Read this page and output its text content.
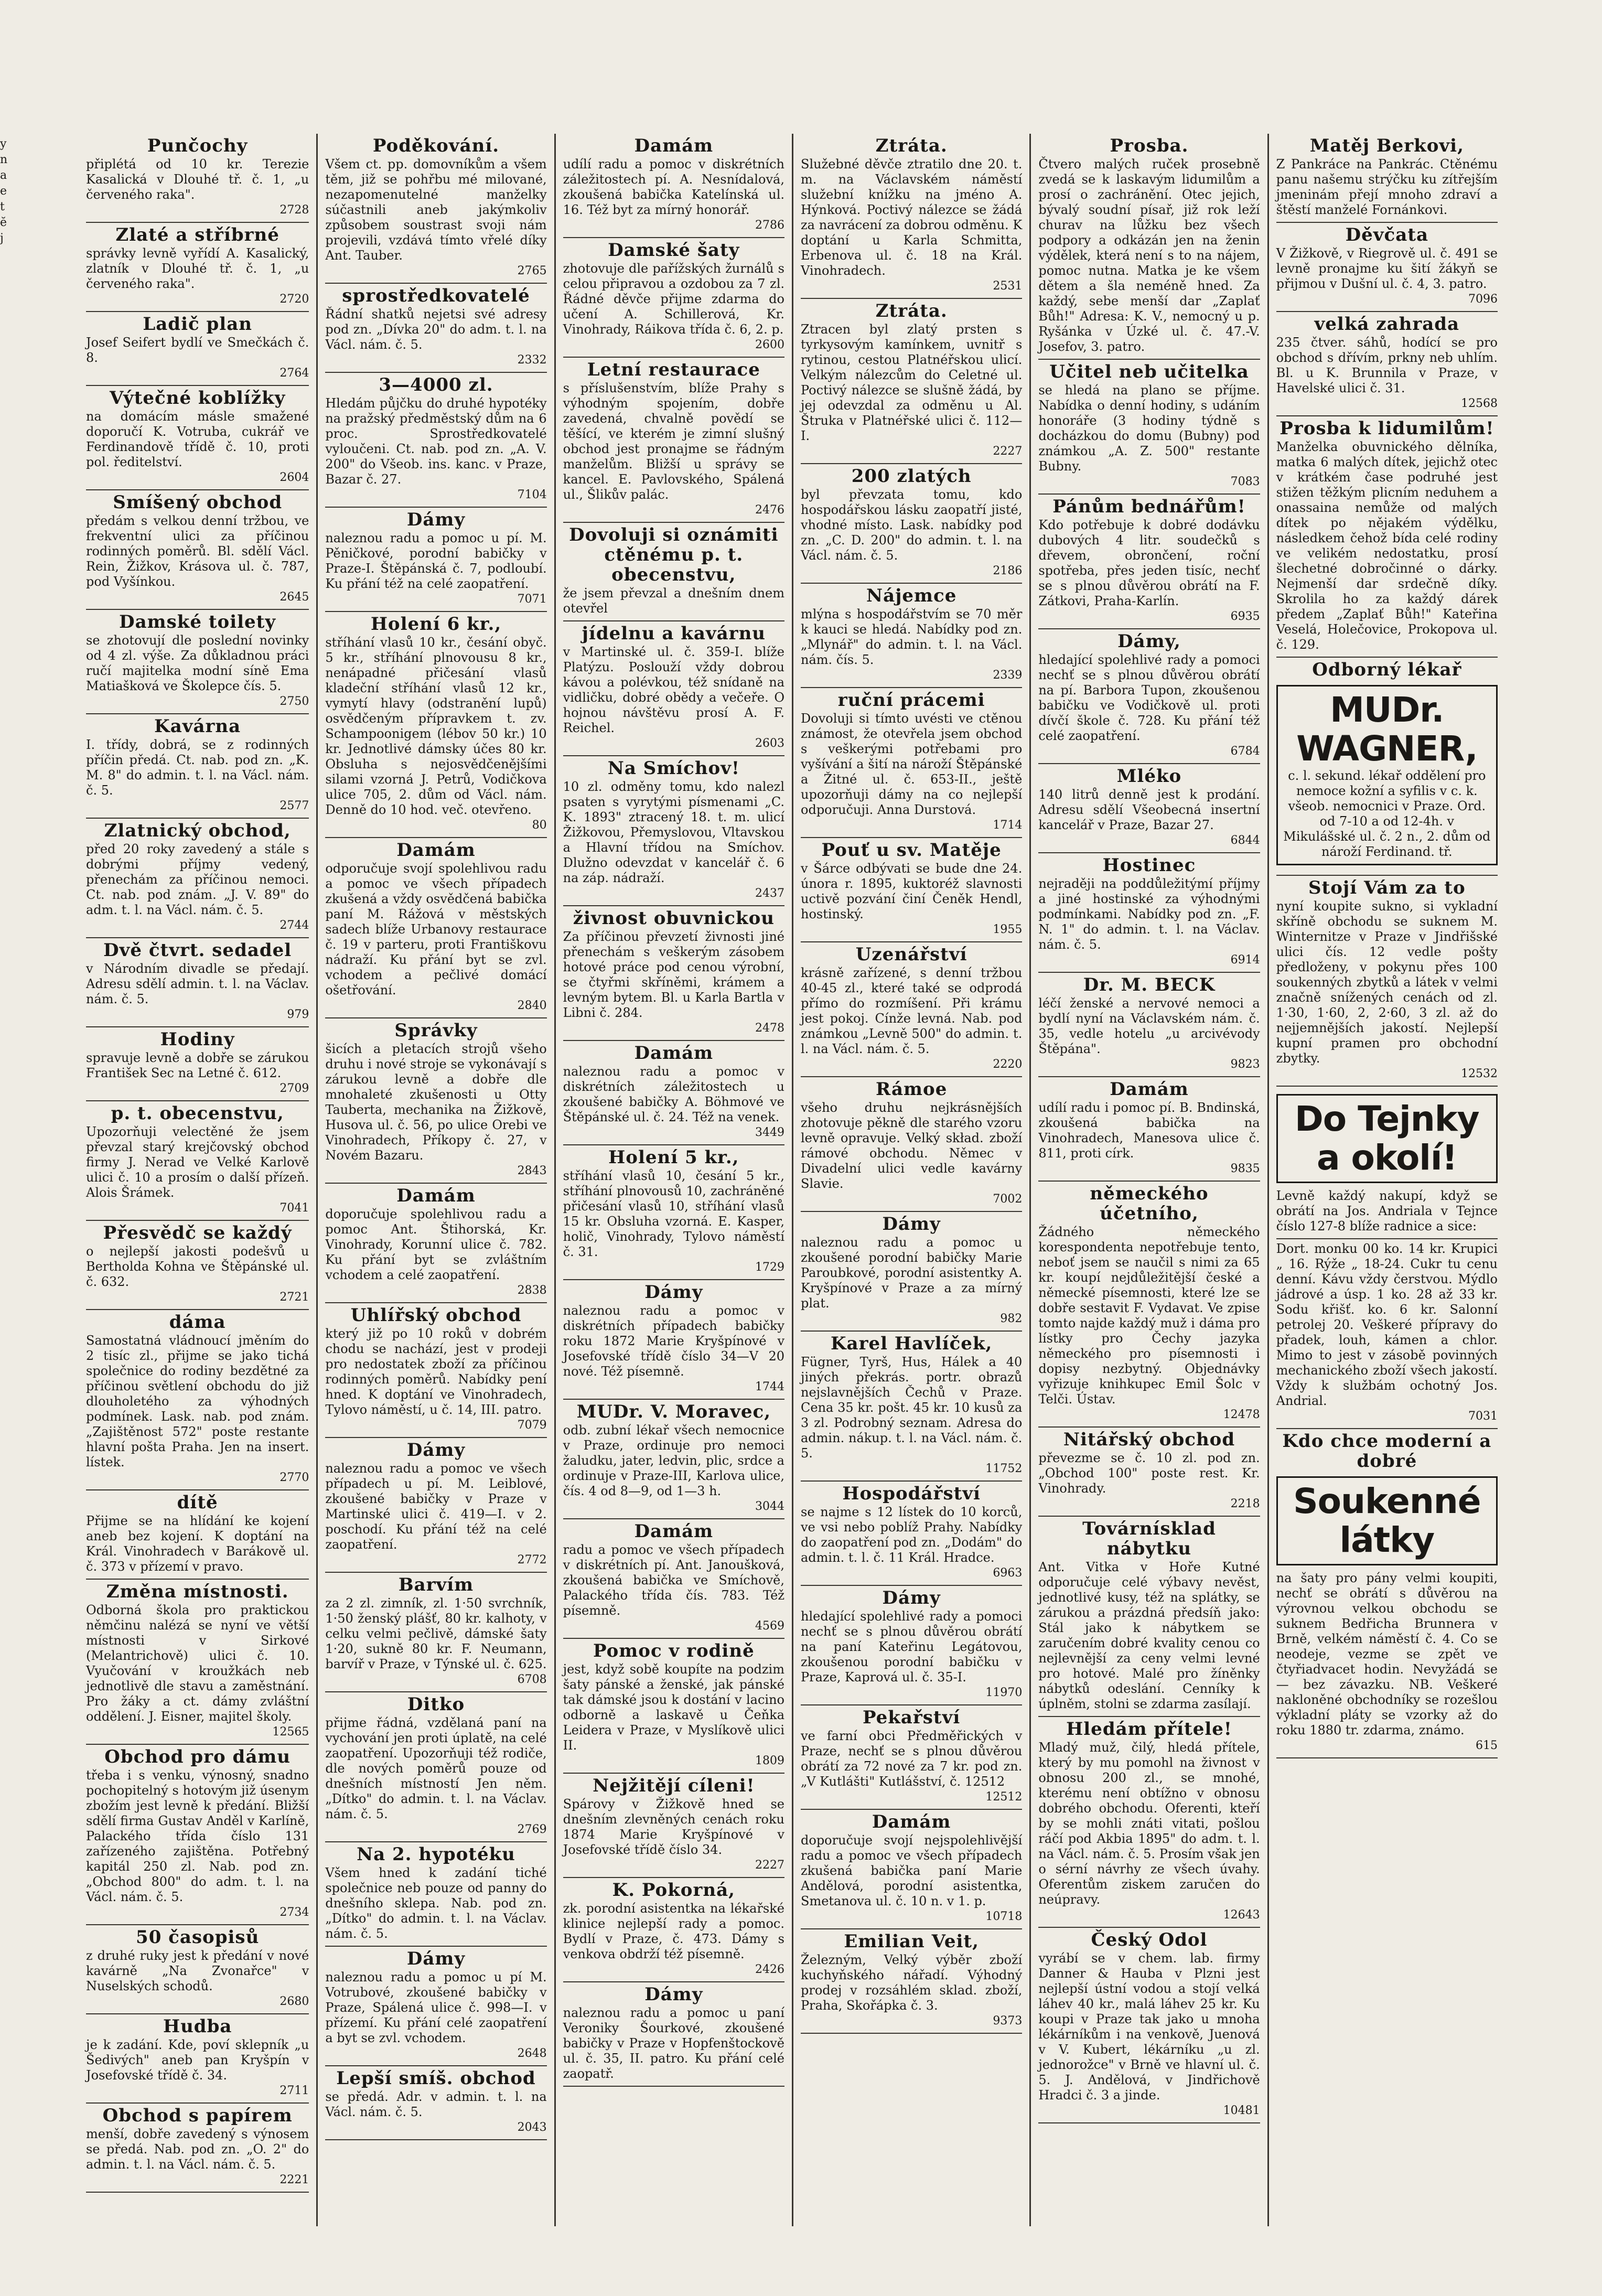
y
n
a
e
t
ĕ
j
Punčochy

připlétá od 10 kr. Terezie Kasalická v Dlouhé tř. č. 1, „u červeného raka".

2728
Zlaté a stříbrné

správky levně vyřídí A. Kasalický, zlatník v Dlouhé tř. č. 1, „u červeného raka".

2720
Ladič plan

Josef Seifert bydlí ve Smečkách č. 8.

2764
Výtečné koblížky

na domácím másle smažené doporučí K. Votruba, cukrář ve Ferdinandově třídě č. 10, proti pol. ředitelství.

2604
Smíšený obchod

předám s velkou denní tržbou, ve frekventní ulici za příčinou rodinných poměrů. Bl. sdělí Václ. Rein, Žižkov, Krásova ul. č. 787, pod Vyšínkou.

2645
Damské toilety

se zhotovují dle poslední novinky od 4 zl. výše. Za důkladnou práci ručí majitelka modní síně Ema Matiašková ve Školepce čís. 5.

2750
Kavárna

I. třídy, dobrá, se z rodinných příčin předá. Ct. nab. pod zn. „K. M. 8" do admin. t. l. na Václ. nám. č. 5.

2577
Zlatnický obchod,

před 20 roky zavedený a stále s dobrými příjmy vedený, přenechám za příčinou nemoci. Ct. nab. pod znám. „J. V. 89" do adm. t. l. na Václ. nám. č. 5.

2744
Dvě čtvrt. sedadel

v Národním divadle se předají. Adresu sdělí admin. t. l. na Václav. nám. č. 5.

979
Hodiny

spravuje levně a dobře se zárukou František Sec na Letné č. 612.

2709
p. t. obecenstvu,

Upozorňuji velectěné že jsem převzal starý krejčovský obchod firmy J. Nerad ve Velké Karlově ulici č. 10 a prosím o další přízeň. Alois Šrámek.

7041
Přesvědč se každý

o nejlepší jakosti podešvů u Bertholda Kohna ve Štěpánské ul. č. 632.

2721
dáma

Samostatná vládnoucí jměním do 2 tisíc zl., přijme se jako tichá společnice do rodiny bezdětné za příčinou světlení obchodu do již dlouholetého za výhodných podmínek. Lask. nab. pod znám. „Zajištěnost 572" poste restante hlavní pošta Praha. Jen na insert. lístek.

2770
dítě

Přijme se na hlídání ke kojení aneb bez kojení. K doptání na Král. Vinohradech v Barákově ul. č. 373 v přízemí v pravo.

Změna místnosti.

Odborná škola pro praktickou němčinu nalézá se nyní ve větší místnosti v Sirkové (Melantrichově) ulici č. 10. Vyučování v kroužkách neb jednotlivě dle stavu a zaměstnání. Pro žáky a ct. dámy zvláštní oddělení. J. Eisner, majitel školy.

12565
Obchod pro dámu

třeba i s venku, výnosný, snadno pochopitelný s hotovým již úsenym zbožím jest levně k předání. Bližší sdělí firma Gustav Anděl v Karlíně, Palackého třída číslo 131 zařízeného zajištěna. Potřebný kapitál 250 zl. Nab. pod zn. „Obchod 800" do adm. t. l. na Václ. nám. č. 5.

2734
50 časopisů

z druhé ruky jest k předání v nové kavárně „Na Zvonařce" v Nuselských schodů.

2680
Hudba

je k zadání. Kde, poví sklepník „u Šedivých" aneb pan Kryšpín v Josefovské třídě č. 34.

2711
Obchod s papírem

menší, dobře zavedený s výnosem se předá. Nab. pod zn. „O. 2" do admin. t. l. na Václ. nám. č. 5.

2221
Poděkování.

Všem ct. pp. domovníkům a všem těm, již se pohřbu mé milované, nezapomenutelné manželky súčastnili aneb jakýmkoliv způsobem soustrast svoji nám projevili, vzdává tímto vřelé díky Ant. Tauber.

2765
sprostředkovatelé

Řádní shatků nejetsi své adresy pod zn. „Dívka 20" do adm. t. l. na Václ. nám. č. 5.

2332
3—4000 zl.

Hledám půjčku do druhé hypotéky na pražský předměstský dům na 6 proc. Sprostředkovatelé vyloučeni. Ct. nab. pod zn. „A. V. 200" do Všeob. ins. kanc. v Praze, Bazar č. 27.

7104
Dámy

naleznou radu a pomoc u pí. M. Pěničkové, porodní babičky v Praze-I. Štěpánská č. 7, podloubí. Ku přání též na celé zaopatření.

7071
Holení 6 kr.,

stříhání vlasů 10 kr., česání obyč. 5 kr., stříhání plnovousu 8 kr., nenápadné přičesání vlasů kladeční stříhání vlasů 12 kr., vymytí hlavy (odstranění lupů) osvědčeným přípravkem t. zv. Schampoonigem (lébov 50 kr.) 10 kr. Jednotlivé dámsky účes 80 kr. Obsluha s nejosvědčenějšími silami vzorná J. Petrů, Vodičkova ulice 705, 2. dům od Václ. nám. Denně do 10 hod. več. otevřeno.

80
Damám

odporučuje svojí spolehlivou radu a pomoc ve všech případech zkušená a vždy osvědčená babička paní M. Rážová v městských sadech blíže Urbanovy restaurace č. 19 v parteru, proti Františkovu nádraží. Ku přání byt se zvl. vchodem a pečlivé domácí ošetřování.

2840
Správky

šicích a pletacích strojů všeho druhu i nové stroje se vykonávají s zárukou levně a dobře dle mnohaleté zkušenosti u Otty Tauberta, mechanika na Žižkově, Husova ul. č. 56, po ulice Orebi ve Vinohradech, Příkopy č. 27, v Novém Bazaru.

2843
Damám

doporučuje spolehlivou radu a pomoc Ant. Štihorská, Kr. Vinohrady, Korunní ulice č. 782. Ku přání byt se zvláštním vchodem a celé zaopatření.

2838
Uhlířský obchod

který již po 10 roků v dobrém chodu se nachází, jest v prodeji pro nedostatek zboží za příčinou rodinných poměrů. Nabídky pení hned. K doptání ve Vinohradech, Tylovo náměstí, u č. 14, III. patro.

7079
Dámy

naleznou radu a pomoc ve všech případech u pí. M. Leiblové, zkoušené babičky v Praze v Martinské ulici č. 419—I. v 2. poschodí. Ku přání též na celé zaopatření.

2772
Barvím

za 2 zl. zimník, zl. 1·50 svrchník, 1·50 ženský plášť, 80 kr. kalhoty, v celku velmi pečlivě, dámské šaty 1·20, sukně 80 kr. F. Neumann, barvíř v Praze, v Týnské ul. č. 625.

6708
Ditko

přijme řádná, vzdělaná paní na vychování jen proti úplatě, na celé zaopatření. Upozorňuji též rodiče, dle nových poměrů pouze od dnešních místností Jen něm. „Dítko" do admin. t. l. na Václav. nám. č. 5.

2769
Na 2. hypotéku

Všem hned k zadání tiché společnice neb pouze od panny do dnešního sklepa. Nab. pod zn. „Dítko" do admin. t. l. na Václav. nám. č. 5.

Dámy

naleznou radu a pomoc u pí M. Votrubové, zkoušené babičky v Praze, Spálená ulice č. 998—I. v přízemí. Ku přání celé zaopatření a byt se zvl. vchodem.

2648
Lepší smíš. obchod

se předá. Adr. v admin. t. l. na Václ. nám. č. 5.

2043
Damám

udílí radu a pomoc v diskrétních záležitostech pí. A. Nesnídalová, zkoušená babička Katelínská ul. 16. Též byt za mírný honorář.

2786
Damské šaty

zhotovuje dle pařížských žurnálů s celou připravou a ozdobou za 7 zl. Řádné děvče přijme zdarma do učení A. Schillerová, Kr. Vinohrady, Ráikova třída č. 6, 2. p.

2600
Letní restaurace

s příslušenstvím, blíže Prahy s výhodným spojením, dobře zavedená, chvalně povědí se těšící, ve kterém je zimní slušný obchod jest pronajme se řádným manželům. Bližší u správy se kancel. E. Pavlovského, Spálená ul., Šlikův palác.

2476
Dovoluji si oznámiti ctěnému p. t. obecenstvu,

že jsem převzal a dnešním dnem otevřel

jídelnu a kavárnu

v Martinské ul. č. 359-I. blíže Platýzu. Poslouží vždy dobrou kávou a polévkou, též snídaně na vidličku, dobré obědy a večeře. O hojnou návštěvu prosí A. F. Reichel.

2603
Na Smíchov!

10 zl. odměny tomu, kdo nalezl psaten s vyrytými písmenami „C. K. 1893" ztracený 18. t. m. ulicí Žižkovou, Přemyslovou, Vltavskou a Hlavní třídou na Smíchov. Dlužno odevzdat v kancelář č. 6 na záp. nádraží.

2437
živnost obuvnickou

Za příčinou převzetí živnosti jiné přenechám s veškerým zásobem hotové práce pod cenou výrobní, se čtyřmi skříněmi, krámem a levným bytem. Bl. u Karla Bartla v Libni č. 284.

2478
Damám

naleznou radu a pomoc v diskrétních záležitostech u zkoušené babičky A. Böhmové ve Štěpánské ul. č. 24. Též na venek.

3449
Holení 5 kr.,

stříhání vlasů 10, česání 5 kr., stříhání plnovousů 10, zachráněné přičesání vlasů 10, stříhání vlasů 15 kr. Obsluha vzorná. E. Kasper, holič, Vinohrady, Tylovo náměstí č. 31.

1729
Dámy

naleznou radu a pomoc v diskrétních případech babičky roku 1872 Marie Kryšpínové v Josefovské třídě číslo 34—V 20 nové. Též písemně.

1744
MUDr. V. Moravec,

odb. zubní lékař všech nemocnice v Praze, ordinuje pro nemoci žaludku, jater, ledvin, plic, srdce a ordinuje v Praze-III, Karlova ulice, čís. 4 od 8—9, od 1—3 h.

3044
Damám

radu a pomoc ve všech případech v diskrétních pí. Ant. Janoušková, zkoušená babička ve Smíchově, Palackého třída čís. 783. Též písemně.

4569
Pomoc v rodině

jest, když sobě koupíte na podzim šaty pánské a ženské, jak pánské tak dámské jsou k dostání v lacino odborně a laskavě u Čeňka Leidera v Praze, v Myslíkově ulici II.

1809
Nejžitějí cíleni!

Spárovy v Žižkově hned se dnešním zlevněných cenách roku 1874 Marie Kryšpínové v Josefovské třídě číslo 34.

2227
K. Pokorná,

zk. porodní asistentka na lékařské klinice nejlepší rady a pomoc. Bydlí v Praze, č. 473. Dámy s venkova obdrží též písemně.

2426
Dámy

naleznou radu a pomoc u paní Veroniky Šourkové, zkoušené babičky v Praze v Hopfenštockově ul. č. 35, II. patro. Ku přání celé zaopatř.

Ztráta.

Služebné děvče ztratilo dne 20. t. m. na Václavském náměstí služební knížku na jméno A. Hýnková. Poctivý nálezce se žádá za navrácení za dobrou odměnu. K doptání u Karla Schmitta, Erbenova ul. č. 18 na Král. Vinohradech.

2531
Ztráta.

Ztracen byl zlatý prsten s tyrkysovým kamínkem, uvnitř s rytinou, cestou Platnéřskou ulicí. Velkým nálezcům do Celetné ul. Poctivý nálezce se slušně žádá, by jej odevzdal za odměnu u Al. Štruka v Platnéřské ulici č. 112—I.

2227
200 zlatých

byl převzata tomu, kdo hospodářskou lásku zaopatří jisté, vhodné místo. Lask. nabídky pod zn. „C. D. 200" do admin. t. l. na Václ. nám. č. 5.

2186
Nájemce

mlýna s hospodářstvím se 70 měr k kauci se hledá. Nabídky pod zn. „Mlynář" do admin. t. l. na Václ. nám. čís. 5.

2339
ruční prácemi

Dovoluji si tímto uvésti ve ctěnou známost, že otevřela jsem obchod s veškerými potřebami pro vyšívání a šití na nároží Štěpánské a Žitné ul. č. 653-II., ještě upozorňuji dámy na co nejlepší odporučuji. Anna Durstová.

1714
Pouť u sv. Matěje

v Šárce odbývati se bude dne 24. února r. 1895, kuktoréž slavnosti uctivě pozvání činí Čeněk Hendl, hostinský.

1955
Uzenářství

krásně zařízené, s denní tržbou 40-45 zl., které také se odprodá přímo do rozmíšení. Při krámu jest pokoj. Cínže levná. Nab. pod známkou „Levně 500" do admin. t. l. na Václ. nám. č. 5.

2220
Rámoe

všeho druhu nejkrásnějších zhotovuje pěkně dle starého vzoru levně opravuje. Velký skład. zboží rámové obchodu. Němec v Divadelní ulici vedle kavárny Slavie.

7002
Dámy

naleznou radu a pomoc u zkoušené porodní babičky Marie Paroubkové, porodní asistentky A. Kryšpínové v Praze a za mírný plat.

982
Karel Havlíček,

Fügner, Tyrš, Hus, Hálek a 40 jiných překrás. portr. obrazů nejslavnějších Čechů v Praze. Cena 35 kr. pošt. 45 kr. 10 kusů za 3 zl. Podrobný seznam. Adresa do admin. nákup. t. l. na Václ. nám. č. 5.

11752
Hospodářství

se najme s 12 lístek do 10 korců, ve vsi nebo poblíž Prahy. Nabídky do zaopatření pod zn. „Dodám" do admin. t. l. č. 11 Král. Hradce.

6963
Dámy

hledající spolehlivé rady a pomoci nechť se s plnou důvěrou obrátí na paní Kateřinu Legátovou, zkoušenou porodní babičku v Praze, Kaprová ul. č. 35-I.

11970
Pekařství

ve farní obci Předměřických v Praze, nechť se s plnou důvěrou obrátí za 72 nové za 7 kr. pod zn. „V Kutlášti" Kutlášství, č. 12512

12512
Damám

doporučuje svojí nejspolehlivější radu a pomoc ve všech případech zkušená babička paní Marie Andělová, porodní asistentka, Smetanova ul. č. 10 n. v 1. p.

10718
Emilian Veit,

Železným, Velký výběr zboží kuchyňského nářadí. Výhodný prodej v rozsáhlém sklad. zboží, Praha, Skořápka č. 3.

9373
Prosba.

Čtvero malých ruček prosebně zvedá se k laskavým lidumilům a prosí o zachránění. Otec jejich, bývalý soudní písař, již rok leží churav na lůžku bez všech podpory a odkázán jen na ženin výdělek, která není s to na nájem, pomoc nutna. Matka je ke všem dětem a šla neméně hned. Za každý, sebe menší dar „Zaplať Bůh!" Adresa: K. V., nemocný u p. Ryšánka v Úzké ul. č. 47.-V. Josefov, 3. patro.

Učitel neb učitelka

se hledá na plano se příjme. Nabídka o denní hodiny, s udáním honoráře (3 hodiny týdně s docházkou do domu (Bubny) pod známkou „A. Z. 500" restante Bubny.

7083
Pánům bednářům!

Kdo potřebuje k dobré dodávku dubových 4 litr. soudečků s dřevem, obrončení, roční spotřeba, přes jeden tisíc, nechť se s plnou důvěrou obrátí na F. Zátkovi, Praha-Karlín.

6935
Dámy,

hledající spolehlivé rady a pomoci nechť se s plnou důvěrou obrátí na pí. Barbora Tupon, zkoušenou babičku ve Vodičkově ul. proti dívčí škole č. 728. Ku přání též celé zaopatření.

6784
Mléko

140 litrů denně jest k prodání. Adresu sdělí Všeobecná insertní kancelář v Praze, Bazar 27.

6844
Hostinec

nejraději na poddůležitýmí příjmy a jiné hostinské za výhodnými podmínkami. Nabídky pod zn. „F. N. 1" do admin. t. l. na Václav. nám. č. 5.

6914
Dr. M. BECK

léčí ženské a nervové nemoci a bydlí nyní na Václavském nám. č. 35, vedle hotelu „u arcivévody Štěpána".

9823
Damám

udílí radu i pomoc pí. B. Bndinská, zkoušená babička na Vinohradech, Manesova ulice č. 811, proti círk.

9835
německého účetního,

Žádného německého korespondenta nepotřebuje tento, neboť jsem se naučil s nimi za 65 kr. koupí nejdůležitější české a německé písemnosti, které lze se dobře sestavit F. Vydavat. Ve zpise tomto najde každý muž i dáma pro lístky pro Čechy jazyka německého pro písemnosti i dopisy nezbytný. Objednávky vyřizuje knihkupec Emil Šolc v Telči. Ústav.

12478
Nitářský obchod

převezme se č. 10 zl. pod zn. „Obchod 100" poste rest. Kr. Vinohrady.

2218
Továrnísklad nábytku

Ant. Vitka v Hoře Kutné odporučuje celé výbavy nevěst, jednotlivé kusy, též na splátky, se zárukou a prázdná předsíň jako: Stál jako k nábytkem se zaručením dobré kvality cenou co nejlevnější za ceny velmi levné pro hotové. Malé pro žíněnky nábytků odeslání. Cenníky k úplněm, stolni se zdarma zasílají.

Hledám přítele!

Mladý muž, čilý, hledá přítele, který by mu pomohl na živnost v obnosu 200 zl., se mnohé, kterému není obtížno v obnosu dobrého obchodu. Oferenti, kteří by se mohli znáti vitati, pošlou ráčí pod Akbia 1895" do adm. t. l. na Václ. nám. č. 5. Prosím však jen o sérní návrhy ze všech úvahy. Oferentům ziskem zaručen do neúpravy.

12643
Český Odol

vyrábí se v chem. lab. firmy Danner & Hauba v Plzni jest nejlepší ústní vodou a stojí velká láhev 40 kr., malá láhev 25 kr. Ku koupi v Praze tak jako u mnoha lékárníkům i na venkově, Juenová v V. Kubert, lékárníku „u zl. jednorožce" v Brně ve hlavní ul. č. 5. J. Andělová, v Jindřichově Hradci č. 3 a jinde.

10481
Matěj Berkovi,

Z Pankráce na Pankrác. Ctěnému panu našemu strýčku ku zítřejším jmeninám přejí mnoho zdraví a štěstí manželé Fornánkovi.

Děvčata

V Žižkově, v Riegrově ul. č. 491 se levně pronajme ku šití žákyň se přijmou v Dušní ul. č. 4, 3. patro.

7096
velká zahrada

235 čtver. sáhů, hodící se pro obchod s dřívím, prkny neb uhlím. Bl. u K. Brunnila v Praze, v Havelské ulici č. 31.

12568
Prosba k lidumilům!

Manželka obuvnického dělníka, matka 6 malých dítek, jejichž otec v krátkém čase podruhé jest stižen těžkým plicním neduhem a onassaina nemůže od malých dítek po nějakém výdělku, následkem čehož bída celé rodiny ve velikém nedostatku, prosí šlechetné dobročinné o dárky. Nejmenší dar srdečně díky. Skrolila ho za každý dárek předem „Zaplať Bůh!" Kateřina Veselá, Holečovice, Prokopova ul. č. 129.

Odborný lékař
MUDr. WAGNER,
c. l. sekund. lékař oddělení pro nemoce kožní a syfilis v c. k. všeob. nemocnici v Praze. Ord. od 7-10 a od 12-4h. v Mikulášské ul. č. 2 n., 2. dům od nároží Ferdinand. tř.
Stojí Vám za to

nyní koupite sukno, si vykladní skříně obchodu se suknem M. Winternitze v Praze v Jindřišské ulici čís. 12 vedle pošty předloženy, v pokynu přes 100 soukenných zbytků a látek v velmi značně snížených cenách od zl. 1·30, 1·60, 2, 2·60, 3 zl. až do nejjemnějších jakostí. Nejlepší kupní pramen pro obchodní zbytky.

12532
Do Tejnky a okolí!

Levně každý nakupí, když se obrátí na Jos. Andriala v Tejnce číslo 127-8 blíže radnice a sice:

Dort. monku 00 ko. 14 kr. Krupici „ 16. Rýže „ 18-24. Cukr tu cenu denní. Kávu vždy čerstvou. Mýdlo jádrové a úsp. 1 ko. 28 až 33 kr. Sodu křišť. ko. 6 kr. Salonní petrolej 20. Veškeré přípravy do přadek, louh, kámen a chlor. Mimo to jest v zásobě povinných mechanického zboží všech jakostí. Vždy k službám ochotný Jos. Andrial.

7031
Kdo chce moderní a dobré
Soukenné látky

na šaty pro pány velmi koupiti, nechť se obrátí s důvěrou na výrovnou velkou obchodu se suknem Bedřicha Brunnera v Brně, velkém náměstí č. 4. Co se neodeje, vezme se zpět ve čtyřiadvacet hodin. Nevyžádá se — bez závazku. NB. Veškeré nakloněné obchodníky se rozešlou výkladní pláty se vzorky až do roku 1880 tr. zdarma, známo.

615
